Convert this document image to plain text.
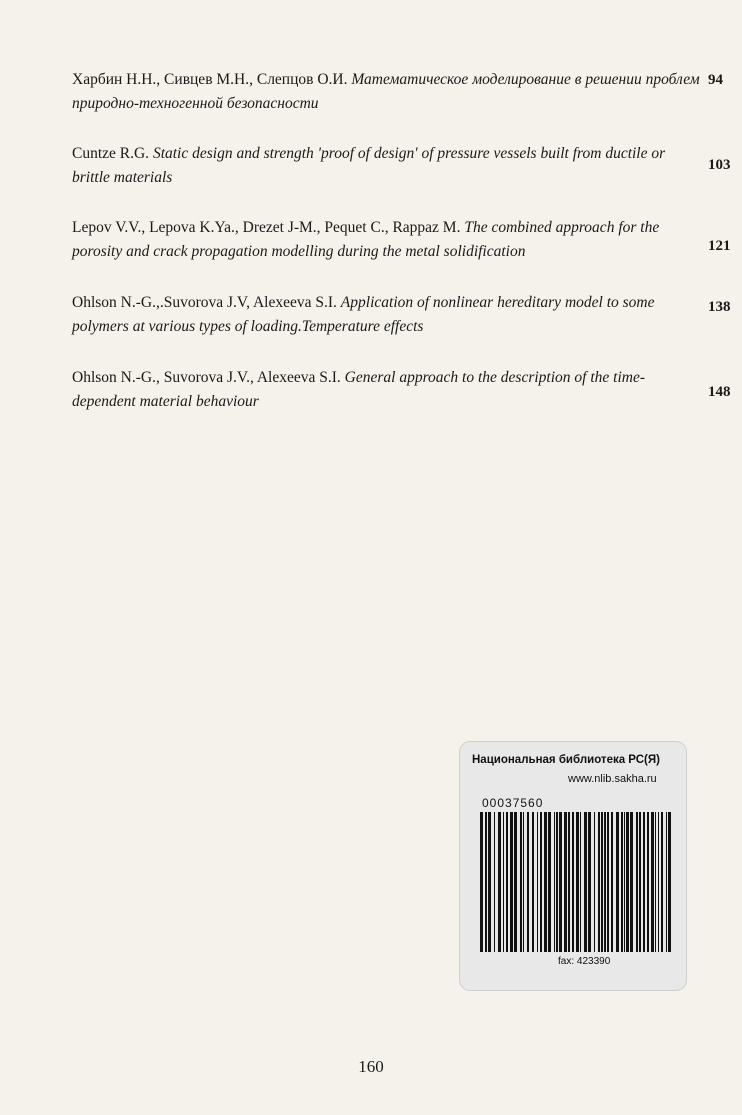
Харбин Н.Н., Сивцев М.Н., Слепцов О.И. Математическое моделирование в решении проблем природно-техногенной безопасности
94
Cuntze R.G. Static design and strength 'proof of design' of pressure vessels built from ductile or brittle materials
103
Lepov V.V., Lepova K.Ya., Drezet J-M., Pequet C., Rappaz M. The combined approach for the porosity and crack propagation modelling during the metal solidification	121
Ohlson N.-G.,.Suvorova J.V, Alexeeva S.I. Application of nonlinear hereditary model to some polymers at various types of loading.Temperature effects
138
Ohlson N.-G., Suvorova J.V., Alexeeva S.I. General approach to the description of the time-dependent material behaviour
148
Национальная библиотека РС(Я)
www.nlib.sakha.ru
00037560
fax: 423390
160
